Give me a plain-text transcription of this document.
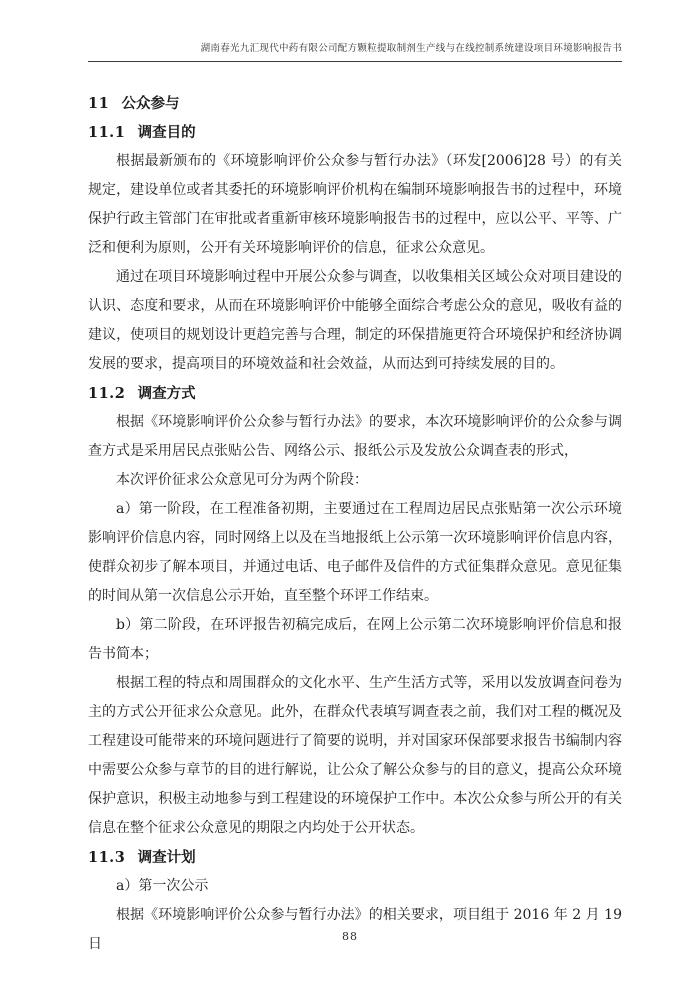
湖南春光九汇现代中药有限公司配方颗粒提取制剂生产线与在线控制系统建设项目环境影响报告书
11 公众参与
11.1 调查目的

根据最新颁布的《环境影响评价公众参与暂行办法》（环发[2006]28 号）的有关规定，建设单位或者其委托的环境影响评价机构在编制环境影响报告书的过程中，环境保护行政主管部门在审批或者重新审核环境影响报告书的过程中，应以公平、平等、广泛和便利为原则，公开有关环境影响评价的信息，征求公众意见。

通过在项目环境影响过程中开展公众参与调查，以收集相关区域公众对项目建设的认识、态度和要求，从而在环境影响评价中能够全面综合考虑公众的意见，吸收有益的建议，使项目的规划设计更趋完善与合理，制定的环保措施更符合环境保护和经济协调发展的要求，提高项目的环境效益和社会效益，从而达到可持续发展的目的。

11.2 调查方式

根据《环境影响评价公众参与暂行办法》的要求，本次环境影响评价的公众参与调查方式是采用居民点张贴公告、网络公示、报纸公示及发放公众调查表的形式，

本次评价征求公众意见可分为两个阶段：

a）第一阶段，在工程准备初期，主要通过在工程周边居民点张贴第一次公示环境影响评价信息内容，同时网络上以及在当地报纸上公示第一次环境影响评价信息内容，使群众初步了解本项目，并通过电话、电子邮件及信件的方式征集群众意见。意见征集的时间从第一次信息公示开始，直至整个环评工作结束。

b）第二阶段，在环评报告初稿完成后，在网上公示第二次环境影响评价信息和报告书简本；

根据工程的特点和周围群众的文化水平、生产生活方式等，采用以发放调查问卷为主的方式公开征求公众意见。此外，在群众代表填写调查表之前，我们对工程的概况及工程建设可能带来的环境问题进行了简要的说明，并对国家环保部要求报告书编制内容中需要公众参与章节的目的进行解说，让公众了解公众参与的目的意义，提高公众环境保护意识，积极主动地参与到工程建设的环境保护工作中。本次公众参与所公开的有关信息在整个征求公众意见的期限之内均处于公开状态。

11.3 调查计划

a）第一次公示

根据《环境影响评价公众参与暂行办法》的相关要求，项目组于 2016 年 2 月 19 日	88
